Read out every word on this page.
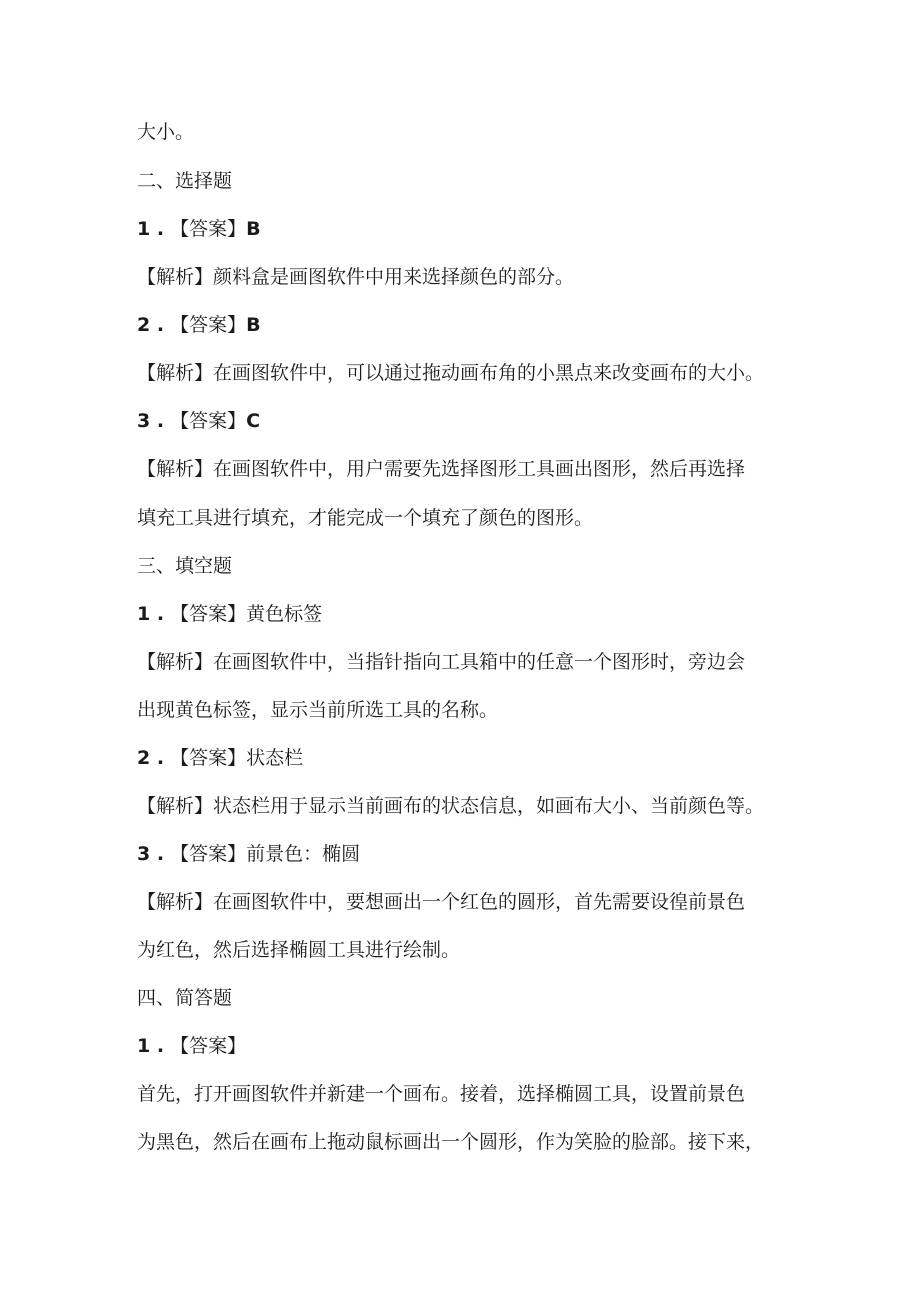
大小。
二、选择题
1 . 【答案】B
【解析】颜料盒是画图软件中用来选择颜色的部分。
2 . 【答案】B
【解析】在画图软件中，可以通过拖动画布角的小黑点来改变画布的大小。
3 . 【答案】C
【解析】在画图软件中，用户需要先选择图形工具画出图形，然后再选择
填充工具进行填充，才能完成一个填充了颜色的图形。
三、填空题
1 . 【答案】黄色标签
【解析】在画图软件中，当指针指向工具箱中的任意一个图形时，旁边会
出现黄色标签，显示当前所选工具的名称。
2 . 【答案】状态栏
【解析】状态栏用于显示当前画布的状态信息，如画布大小、当前颜色等。
3 . 【答案】前景色：椭圆
【解析】在画图软件中，要想画出一个红色的圆形，首先需要设徨前景色
为红色，然后选择椭圆工具进行绘制。
四、简答题
1 . 【答案】
首先，打开画图软件并新建一个画布。接着，选择椭圆工具，设置前景色
为黑色，然后在画布上拖动鼠标画出一个圆形，作为笑脸的脸部。接下来，
